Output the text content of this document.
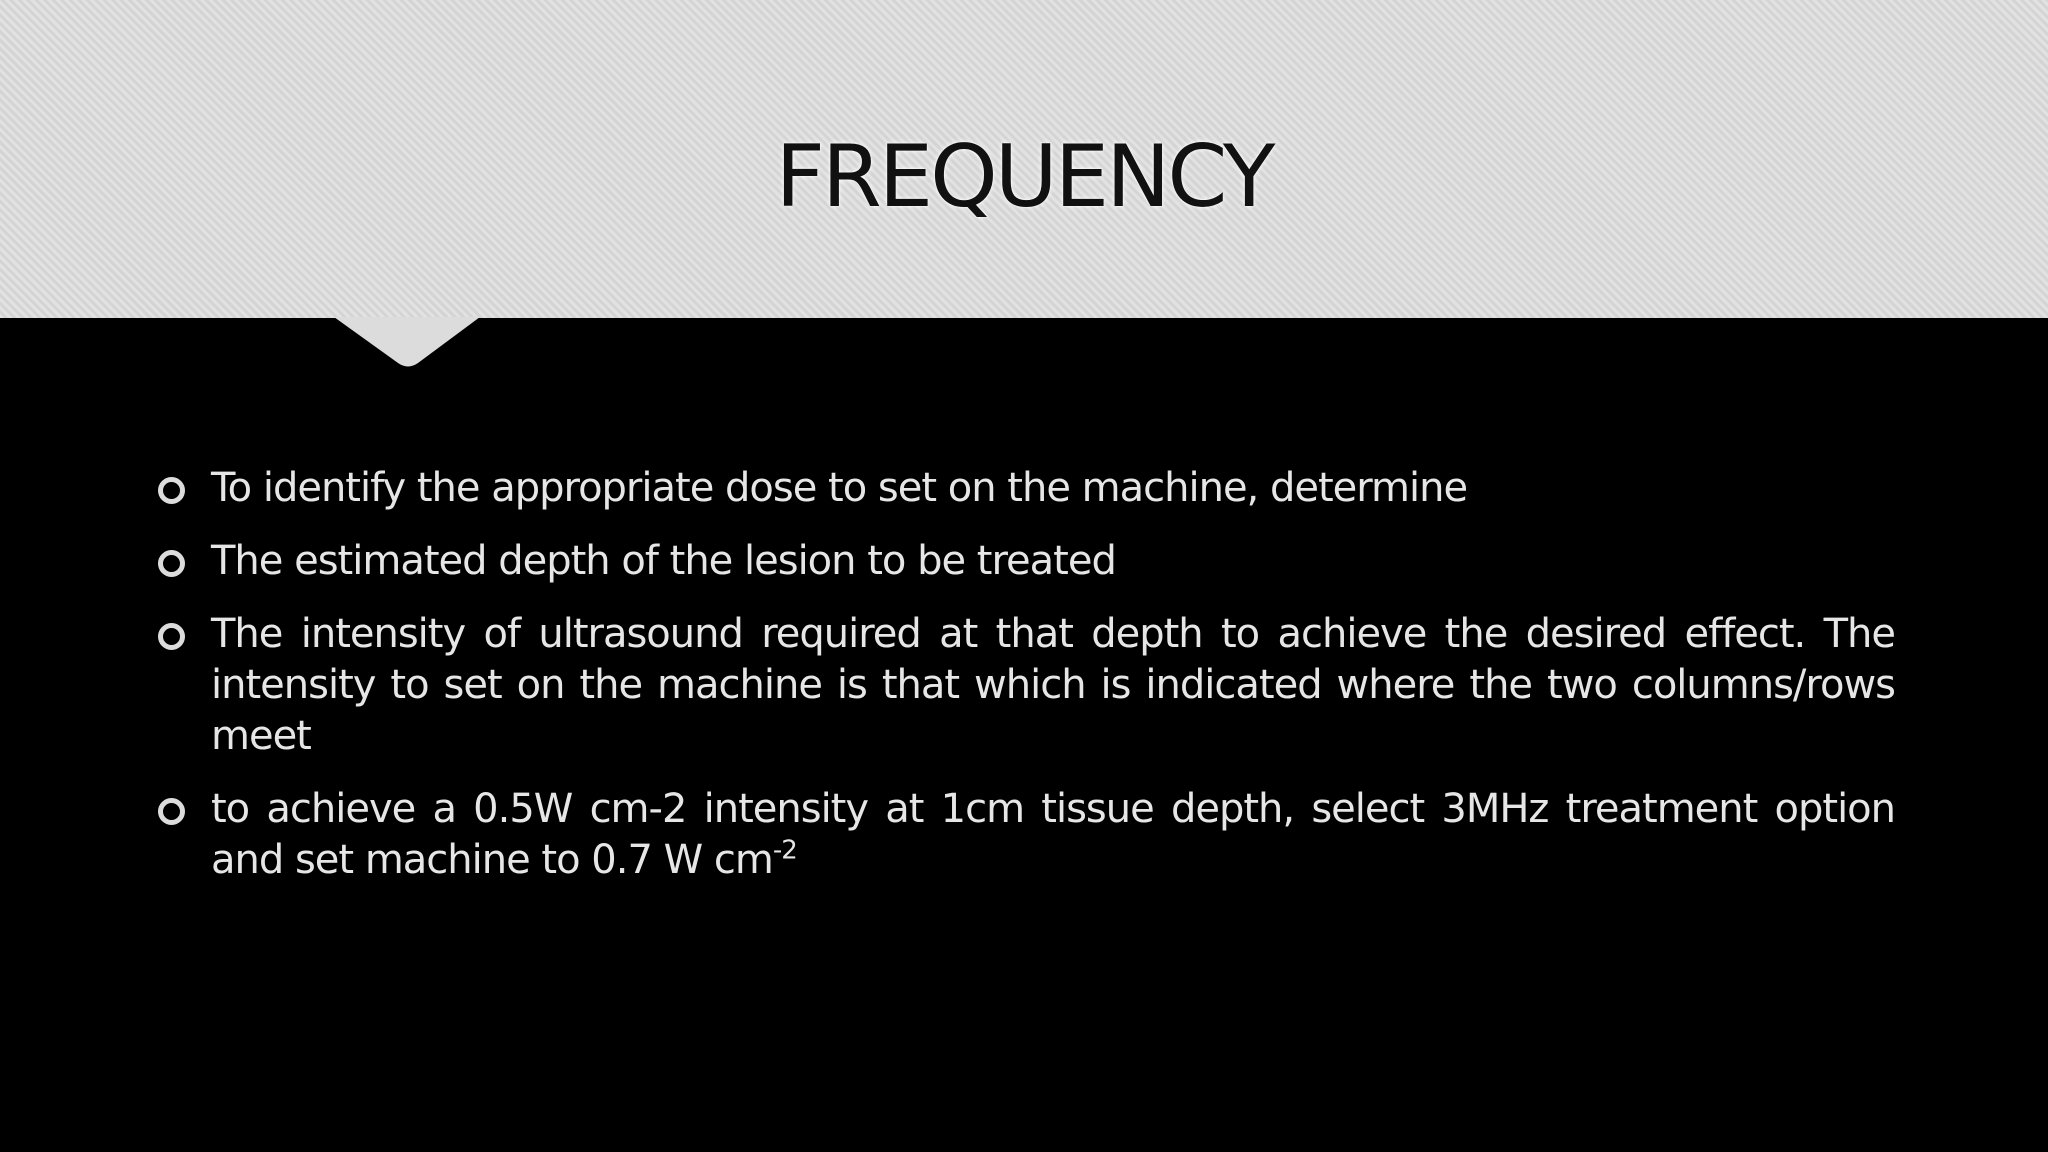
FREQUENCY
To identify the appropriate dose to set on the machine, determine
The estimated depth of the lesion to be treated
The intensity of ultrasound required at that depth to achieve the desired effect. The intensity to set on the machine is that which is indicated where the two columns/rows meet
to achieve a 0.5W cm-2 intensity at 1cm tissue depth, select 3MHz treatment option and set machine to 0.7 W $cm^{-2}$
